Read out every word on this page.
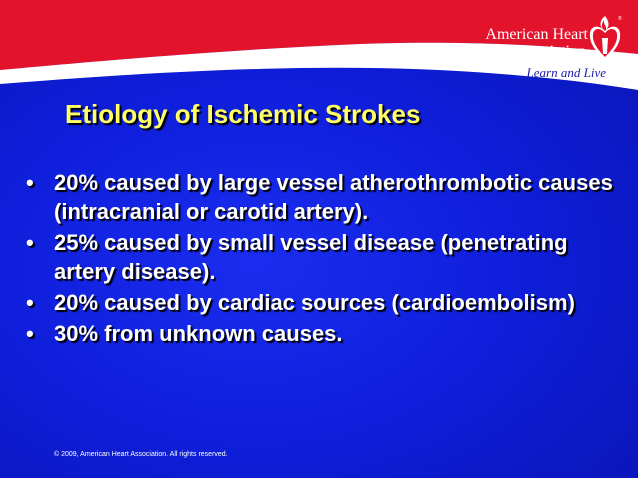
American Heart
Association
Learn and Live
®
Etiology of Ischemic Strokes
• 20% caused by large vessel atherothrombotic causes (intracranial or carotid artery).
• 25% caused by small vessel disease (penetrating artery disease).
• 20% caused by cardiac sources (cardioembolism)
• 30% from unknown causes.
© 2009, American Heart Association. All rights reserved.
